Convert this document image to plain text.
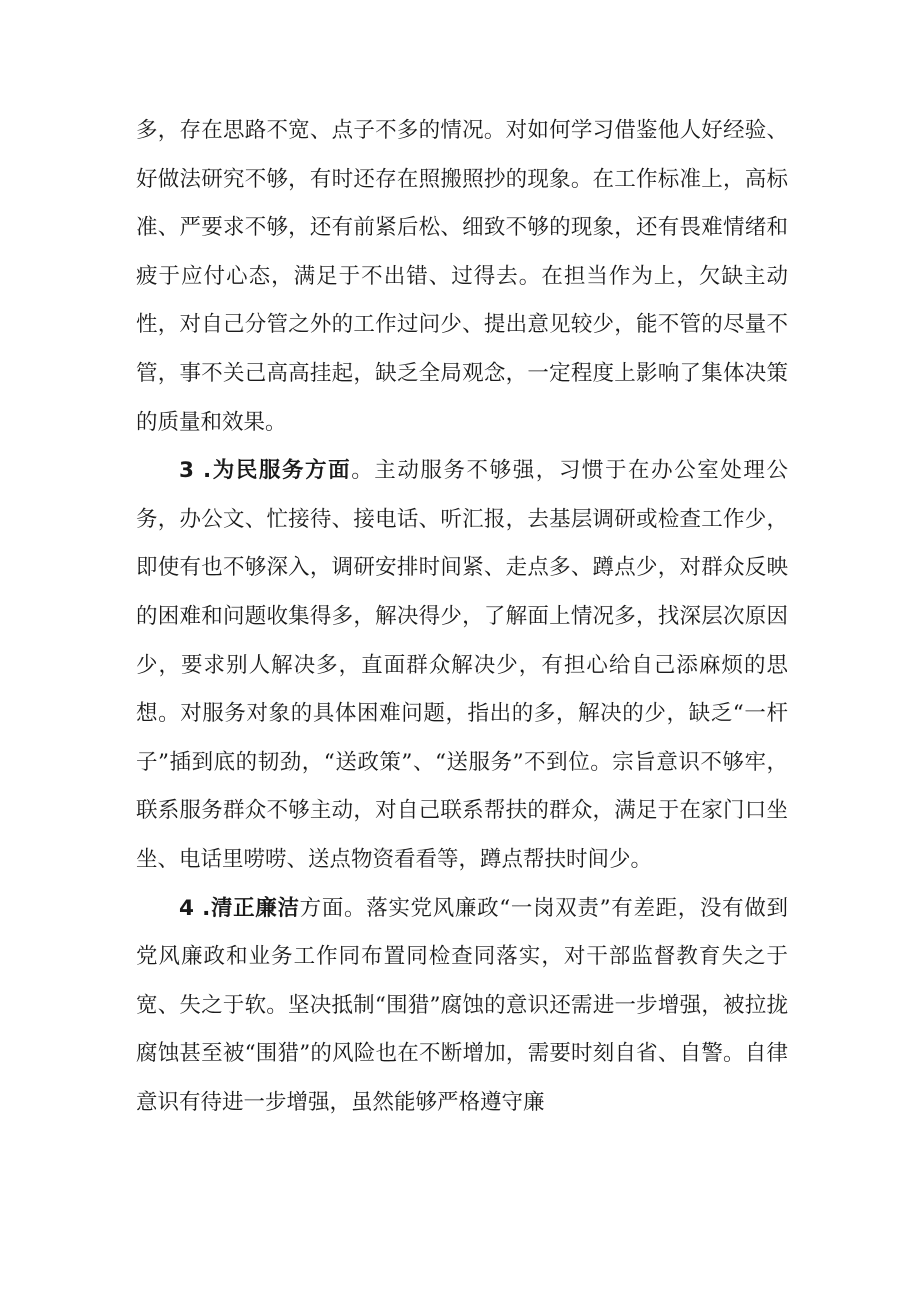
多，存在思路不宽、点子不多的情况。对如何学习借鉴他人好经验、好做法研究不够，有时还存在照搬照抄的现象。在工作标准上，高标准、严要求不够，还有前紧后松、细致不够的现象，还有畏难情绪和疲于应付心态，满足于不出错、过得去。在担当作为上，欠缺主动性，对自己分管之外的工作过问少、提出意见较少，能不管的尽量不管，事不关己高高挂起，缺乏全局观念，一定程度上影响了集体决策的质量和效果。

3 .为民服务方面。主动服务不够强，习惯于在办公室处理公务，办公文、忙接待、接电话、听汇报，去基层调研或检查工作少，即使有也不够深入，调研安排时间紧、走点多、蹲点少，对群众反映的困难和问题收集得多，解决得少，了解面上情况多，找深层次原因少，要求别人解决多，直面群众解决少，有担心给自己添麻烦的思想。对服务对象的具体困难问题，指出的多，解决的少，缺乏“一杆子”插到底的韧劲，“送政策”、“送服务”不到位。宗旨意识不够牢，联系服务群众不够主动，对自己联系帮扶的群众，满足于在家门口坐坐、电话里唠唠、送点物资看看等，蹲点帮扶时间少。

4 .清正廉洁方面。落实党风廉政“一岗双责”有差距，没有做到党风廉政和业务工作同布置同检查同落实，对干部监督教育失之于宽、失之于软。坚决抵制“围猎”腐蚀的意识还需进一步增强，被拉拢腐蚀甚至被“围猎”的风险也在不断增加，需要时刻自省、自警。自律意识有待进一步增强，虽然能够严格遵守廉
